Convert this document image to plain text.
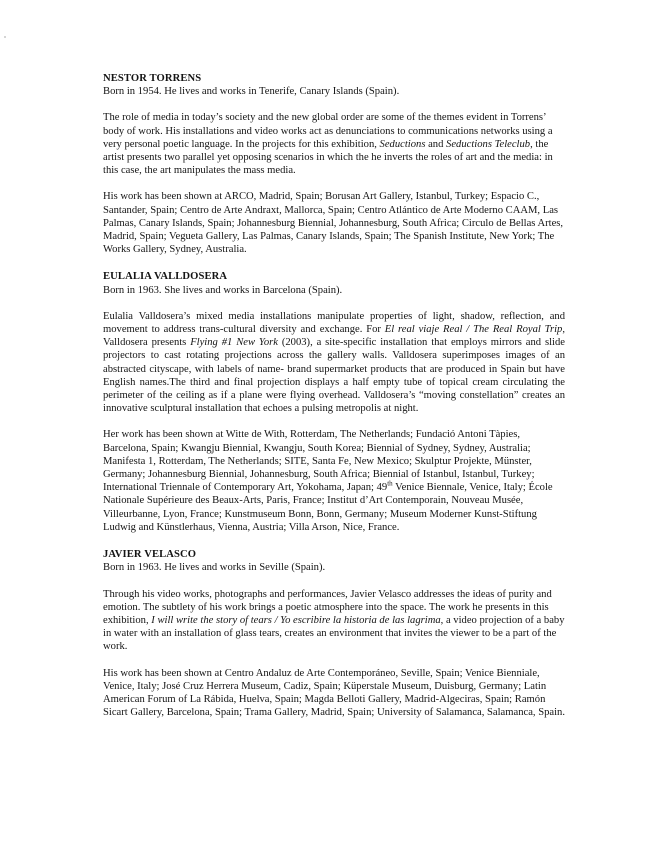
NESTOR TORRENS

Born in 1954. He lives and works in Tenerife, Canary Islands (Spain).

The role of media in today’s society and the new global order are some of the themes evident in Torrens’ body of work. His installations and video works act as denunciations to communications networks using a very personal poetic language. In the projects for this exhibition, Seductions and Seductions Teleclub, the artist presents two parallel yet opposing scenarios in which the he inverts the roles of art and the media: in this case, the art manipulates the mass media.

His work has been shown at ARCO, Madrid, Spain; Borusan Art Gallery, Istanbul, Turkey; Espacio C., Santander, Spain; Centro de Arte Andraxt, Mallorca, Spain; Centro Atlántico de Arte Moderno CAAM, Las Palmas, Canary Islands, Spain; Johannesburg Biennial, Johannesburg, South Africa; Circulo de Bellas Artes, Madrid, Spain; Vegueta Gallery, Las Palmas, Canary Islands, Spain; The Spanish Institute, New York; The Works Gallery, Sydney, Australia.

EULALIA VALLDOSERA

Born in 1963. She lives and works in Barcelona (Spain).

Eulalia Valldosera’s mixed media installations manipulate properties of light, shadow, reflection, and movement to address trans-cultural diversity and exchange. For El real viaje Real / The Real Royal Trip, Valldosera presents Flying #1 New York (2003), a site-specific installation that employs mirrors and slide projectors to cast rotating projections across the gallery walls. Valldosera superimposes images of an abstracted cityscape, with labels of name- brand supermarket products that are produced in Spain but have English names.The third and final projection displays a half empty tube of topical cream circulating the perimeter of the ceiling as if a plane were flying overhead. Valldosera’s “moving constellation” creates an innovative sculptural installation that echoes a pulsing metropolis at night.

Her work has been shown at Witte de With, Rotterdam, The Netherlands; Fundació Antoni Tàpies, Barcelona, Spain; Kwangju Biennial, Kwangju, South Korea; Biennial of Sydney, Sydney, Australia; Manifesta 1, Rotterdam, The Netherlands; SITE, Santa Fe, New Mexico; Skulptur Projekte, Münster, Germany; Johannesburg Biennial, Johannesburg, South Africa; Biennial of Istanbul, Istanbul, Turkey; International Triennale of Contemporary Art, Yokohama, Japan; 49th Venice Biennale, Venice, Italy; École Nationale Supérieure des Beaux-Arts, Paris, France; Institut d’Art Contemporain, Nouveau Musée, Villeurbanne, Lyon, France; Kunstmuseum Bonn, Bonn, Germany; Museum Moderner Kunst-Stiftung Ludwig and Künstlerhaus, Vienna, Austria; Villa Arson, Nice, France.

JAVIER VELASCO

Born in 1963. He lives and works in Seville (Spain).

Through his video works, photographs and performances, Javier Velasco addresses the ideas of purity and emotion. The subtlety of his work brings a poetic atmosphere into the space. The work he presents in this exhibition, I will write the story of tears / Yo escribire la historia de las lagrima, a video projection of a baby in water with an installation of glass tears, creates an environment that invites the viewer to be a part of the work.

His work has been shown at Centro Andaluz de Arte Contemporáneo, Seville, Spain; Venice Bienniale, Venice, Italy; José Cruz Herrera Museum, Cadiz, Spain; Küperstale Museum, Duisburg, Germany; Latin American Forum of La Rábida, Huelva, Spain; Magda Belloti Gallery, Madrid-Algeciras, Spain; Ramón Sicart Gallery, Barcelona, Spain; Trama Gallery, Madrid, Spain; University of Salamanca, Salamanca, Spain.
